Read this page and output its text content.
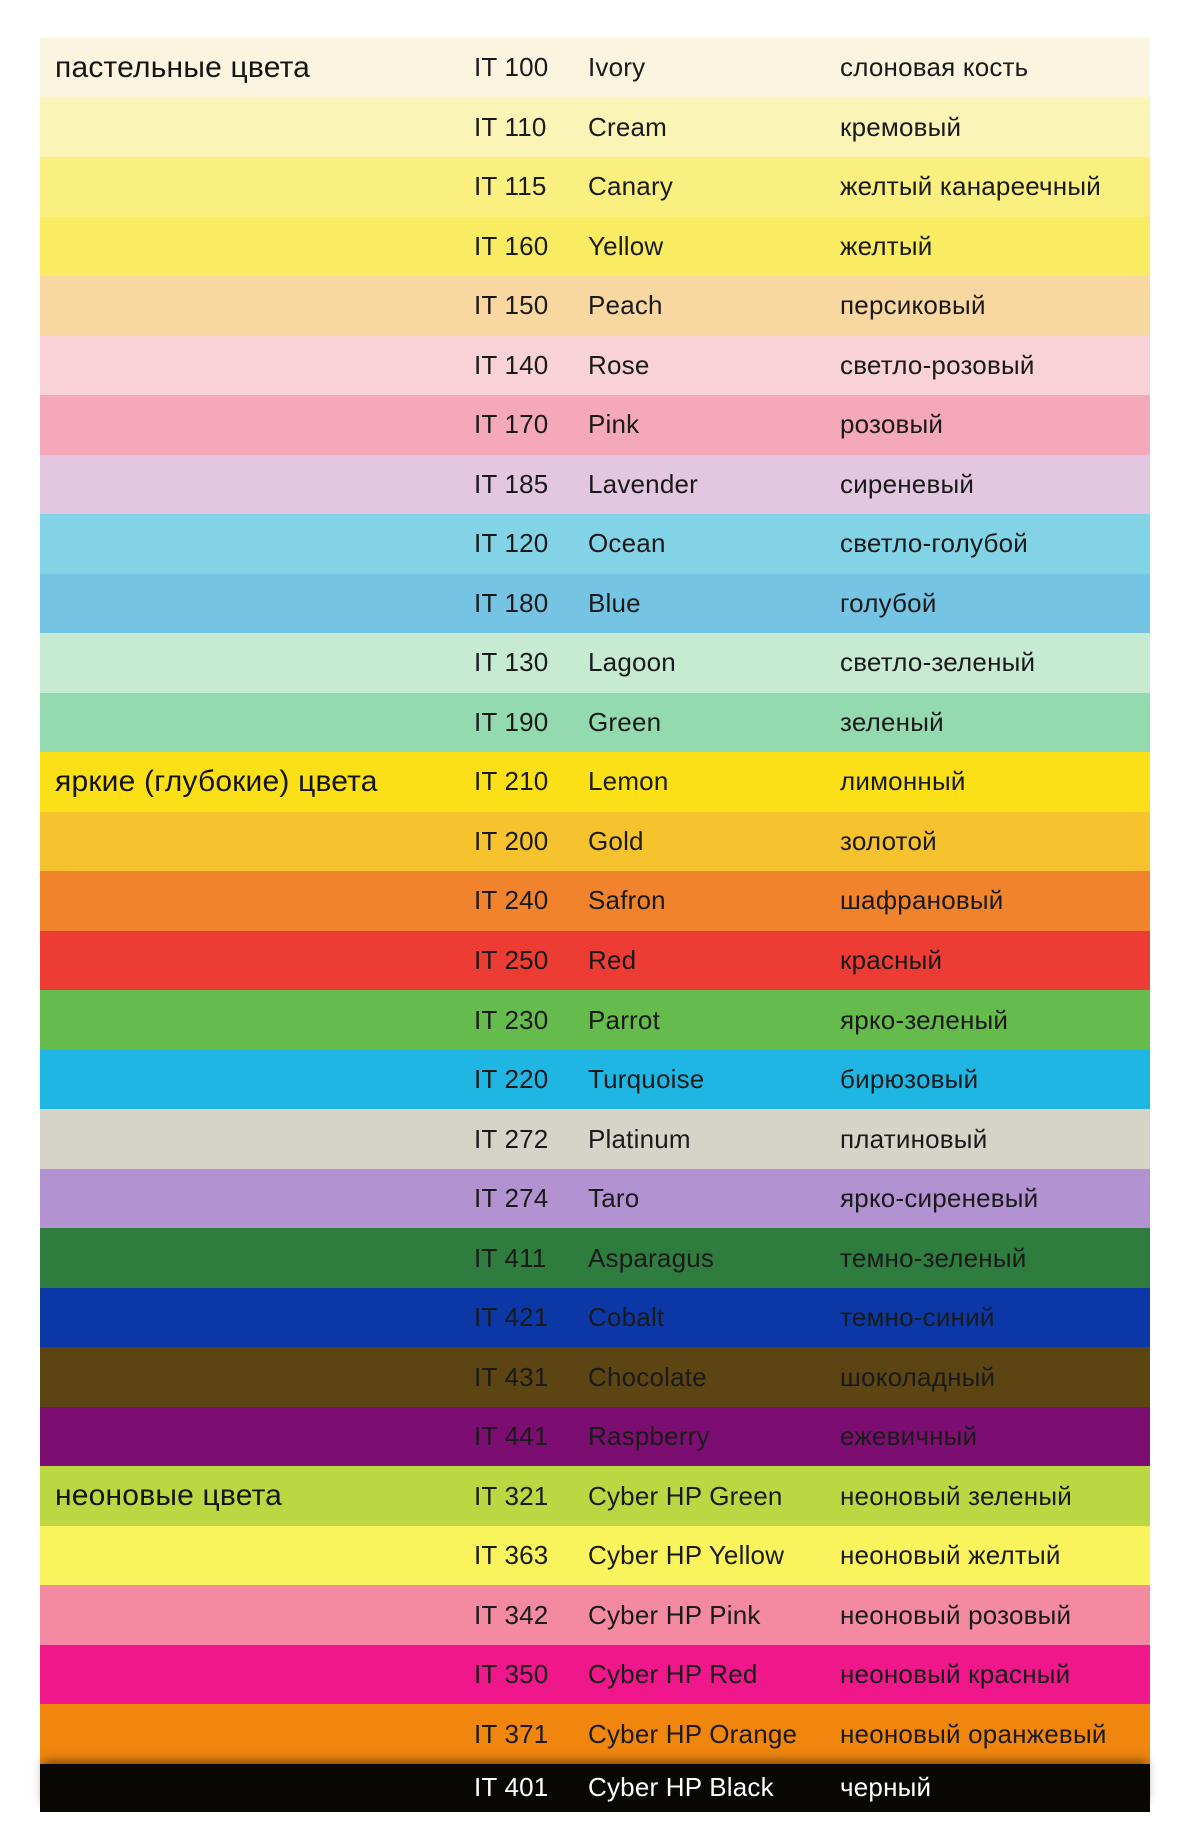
пастельные цвета	IT 100 Ivory	слоновая кость
IT 110 Cream	кремовый
IT 115 Canary	желтый канареечный
IT 160 Yellow	желтый
IT 150 Peach	персиковый
IT 140 Rose	светло-розовый
IT 170 Pink	розовый
IT 185 Lavender	сиреневый
IT 120 Ocean	светло-голубой
IT 180 Blue	голубой
IT 130 Lagoon	светло-зеленый
IT 190 Green	зеленый
яркие (глубокие) цвета	IT 210 Lemon	лимонный
IT 200 Gold	золотой
IT 240 Safron	шафрановый
IT 250 Red	красный
IT 230 Parrot	ярко-зеленый
IT 220 Turquoise	бирюзовый
IT 272 Platinum	платиновый
IT 274 Taro	ярко-сиреневый
IT 411 Asparagus	темно-зеленый
IT 421 Cobalt	темно-синий
IT 431 Chocolate	шоколадный
IT 441 Raspberry	ежевичный
неоновые цвета	IT 321 Cyber HP Green неоновый зеленый
IT 363 Cyber HP Yellow неоновый желтый
IT 342 Cyber HP Pink	неоновый розовый
IT 350 Cyber HP Red	неоновый красный
IT 371 Cyber HP Orange неоновый оранжевый
IT 401 Cyber HP Black	черный
